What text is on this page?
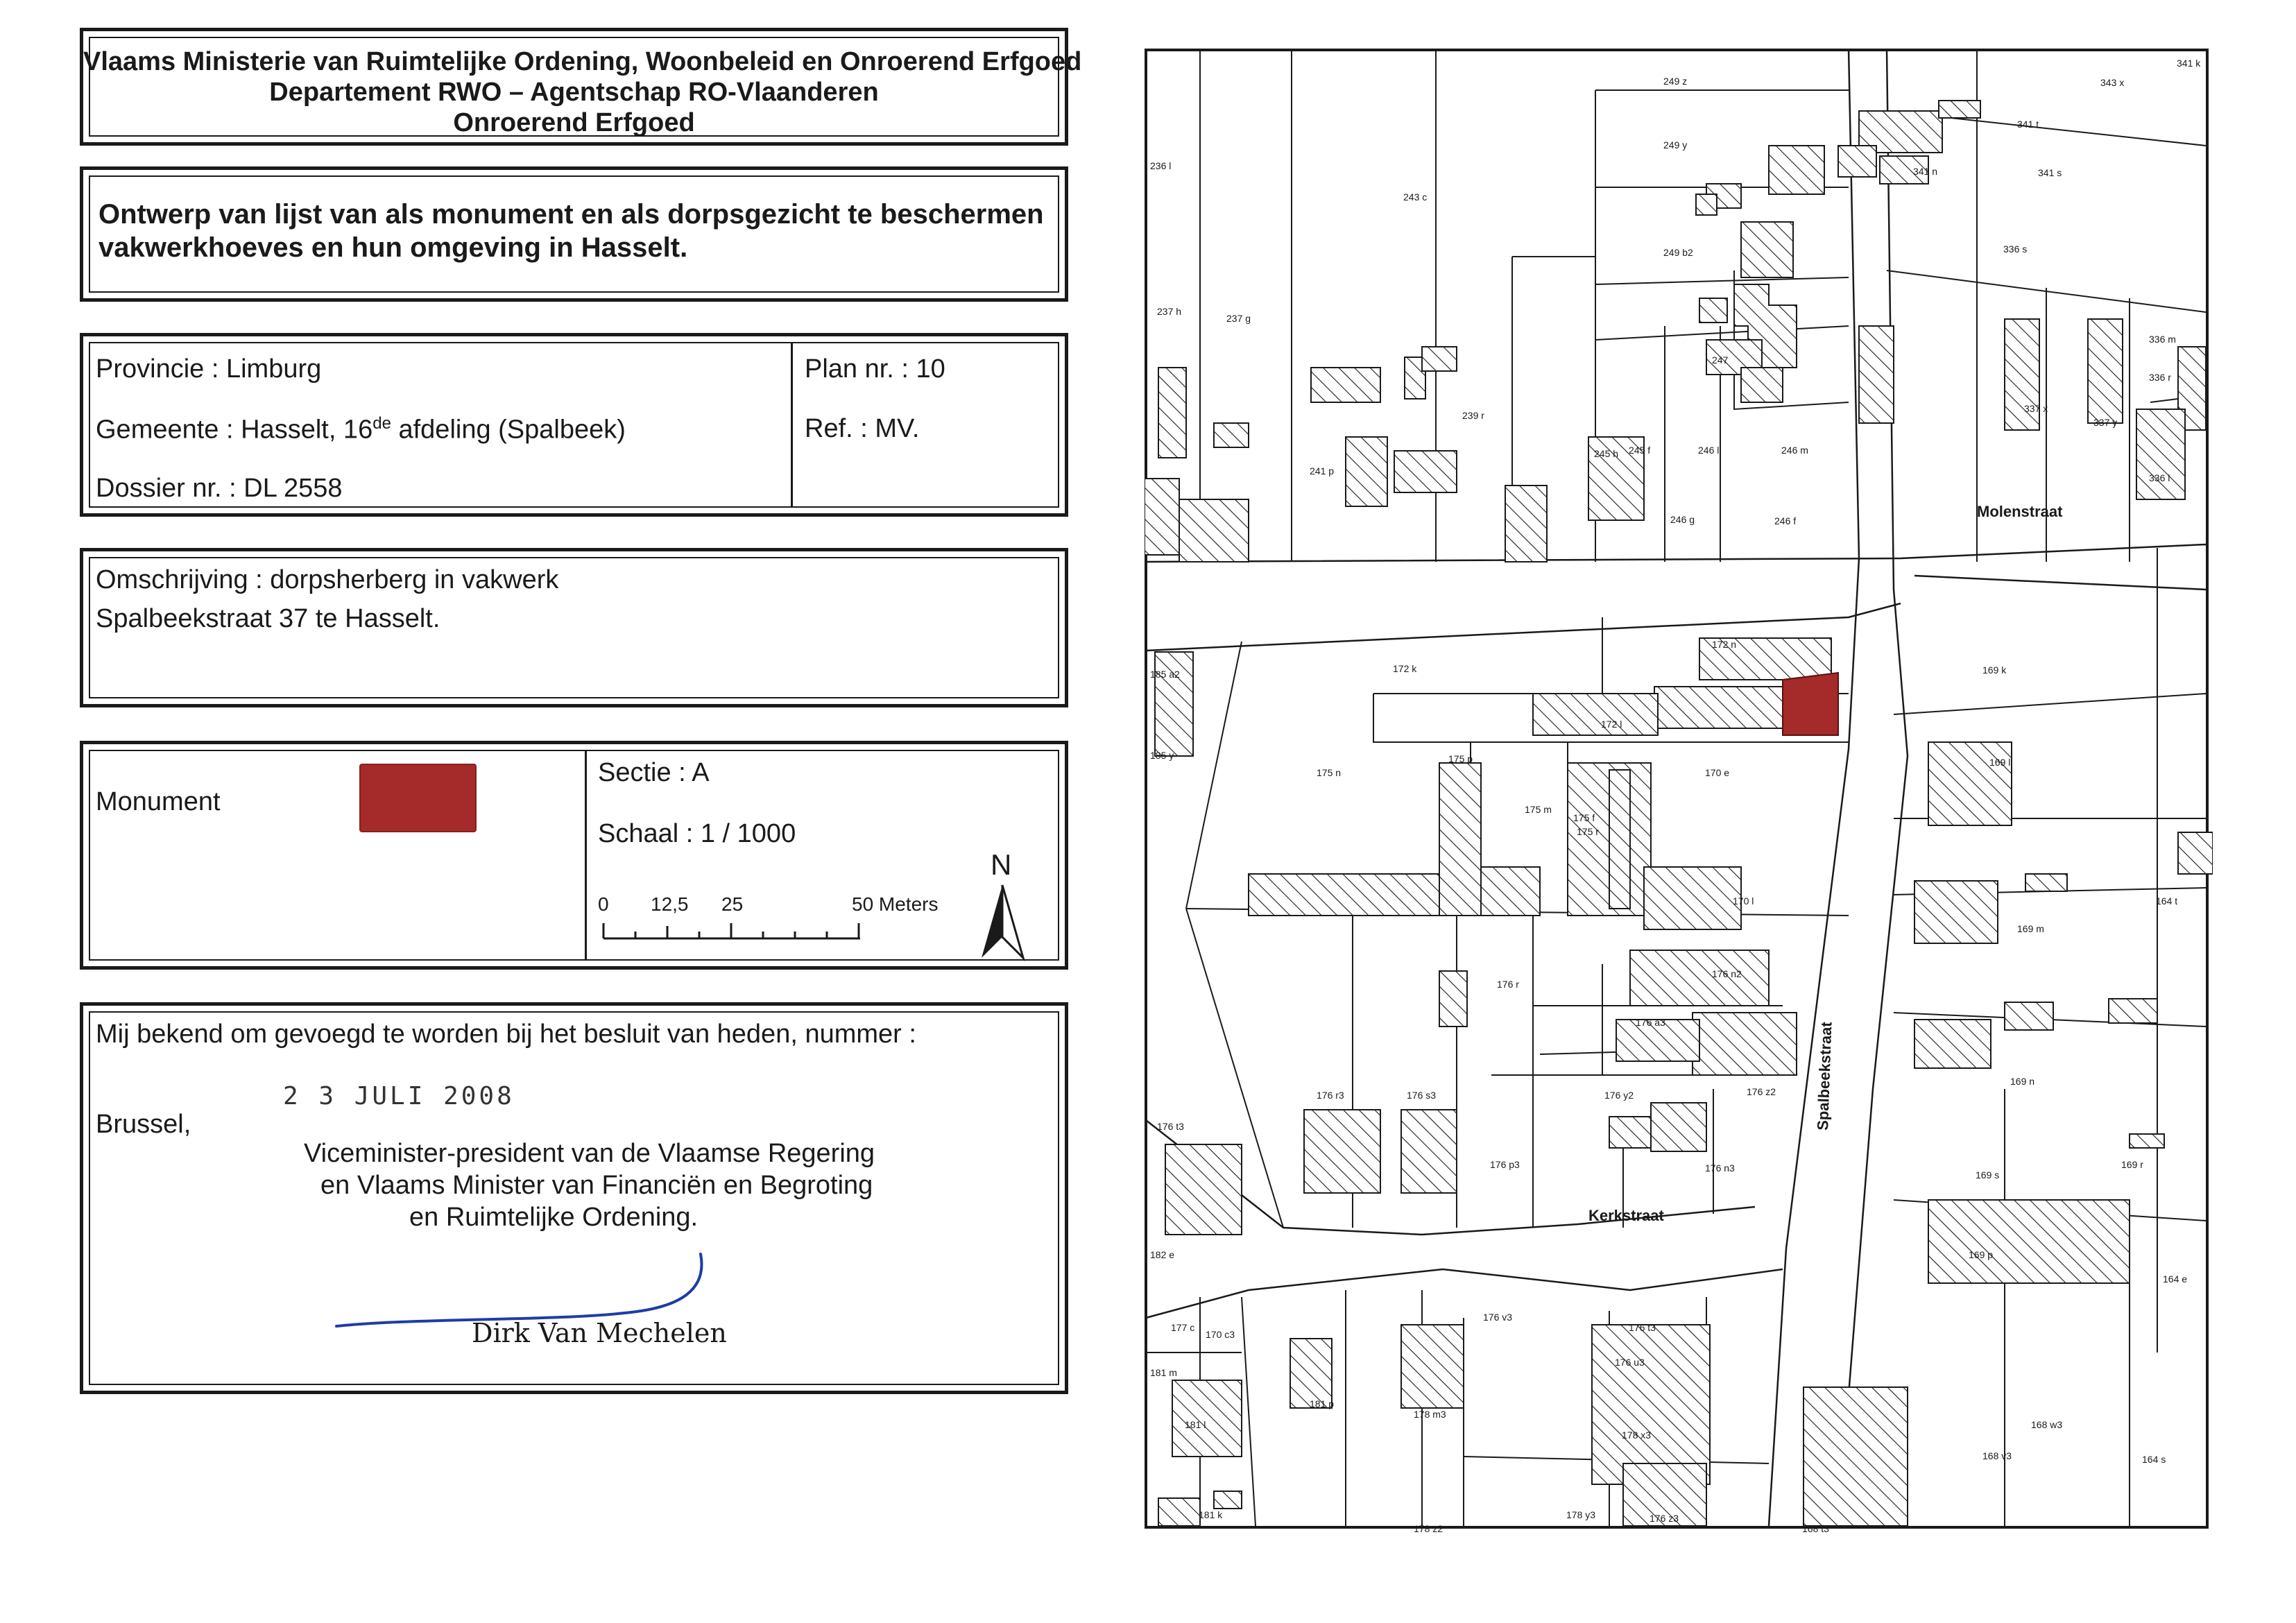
Vlaams Ministerie van Ruimtelijke Ordening, Woonbeleid en Onroerend Erfgoed
Departement RWO – Agentschap RO-Vlaanderen
Onroerend Erfgoed
Ontwerp van lijst van als monument en als dorpsgezicht te beschermen
vakwerkhoeves en hun omgeving in Hasselt.
Provincie : Limburg
Gemeente : Hasselt, 16de afdeling (Spalbeek)
Dossier nr. : DL 2558
Plan nr. : 10
Ref. : MV.
Omschrijving : dorpsherberg in vakwerk
Spalbeekstraat 37 te Hasselt.
Monument
Sectie : A
Schaal : 1 / 1000
0 12,5 25	50 Meters
N
Mij bekend om gevoegd te worden bij het besluit van heden, nummer :
2 3 JULI 2008
Brussel,
Viceminister-president van de Vlaamse Regering
en Vlaams Minister van Financiën en Begroting
en Ruimtelijke Ordening.
Dirk Van Mechelen
Molenstraat
Spalbeekstraat
Kerkstraat
341 k
249 z	343 x
341 t
249 y
236 l
243 c
341 s
341 n
336 s
249 b2
237 h
237 g
247
336 m
336 r
239 r
245 f
245 h	246 l	246 m
336 l
241 p
337 x
337 y
246 g	246 f
172 n
172 k	169 k
185 a2
172 l
185 y
175 n
175 p
170 e
169 l
175 m
175 f
175 r
170 l	164 t
169 m
176 n2
176 r
176 a3
176 r3	176 s3	176 y2	176 z2
169 n
176 t3
176 p3	176 n3
169 s
169 r
182 e	169 p
164 e
176 v3
176 t3
177 c
170 c3
181 m
181 l
181 p
178 m3
176 u3
178 x3
168 w3
168 v3	164 s
181 k	178 y3	176 z3
178 z2	168 t3
